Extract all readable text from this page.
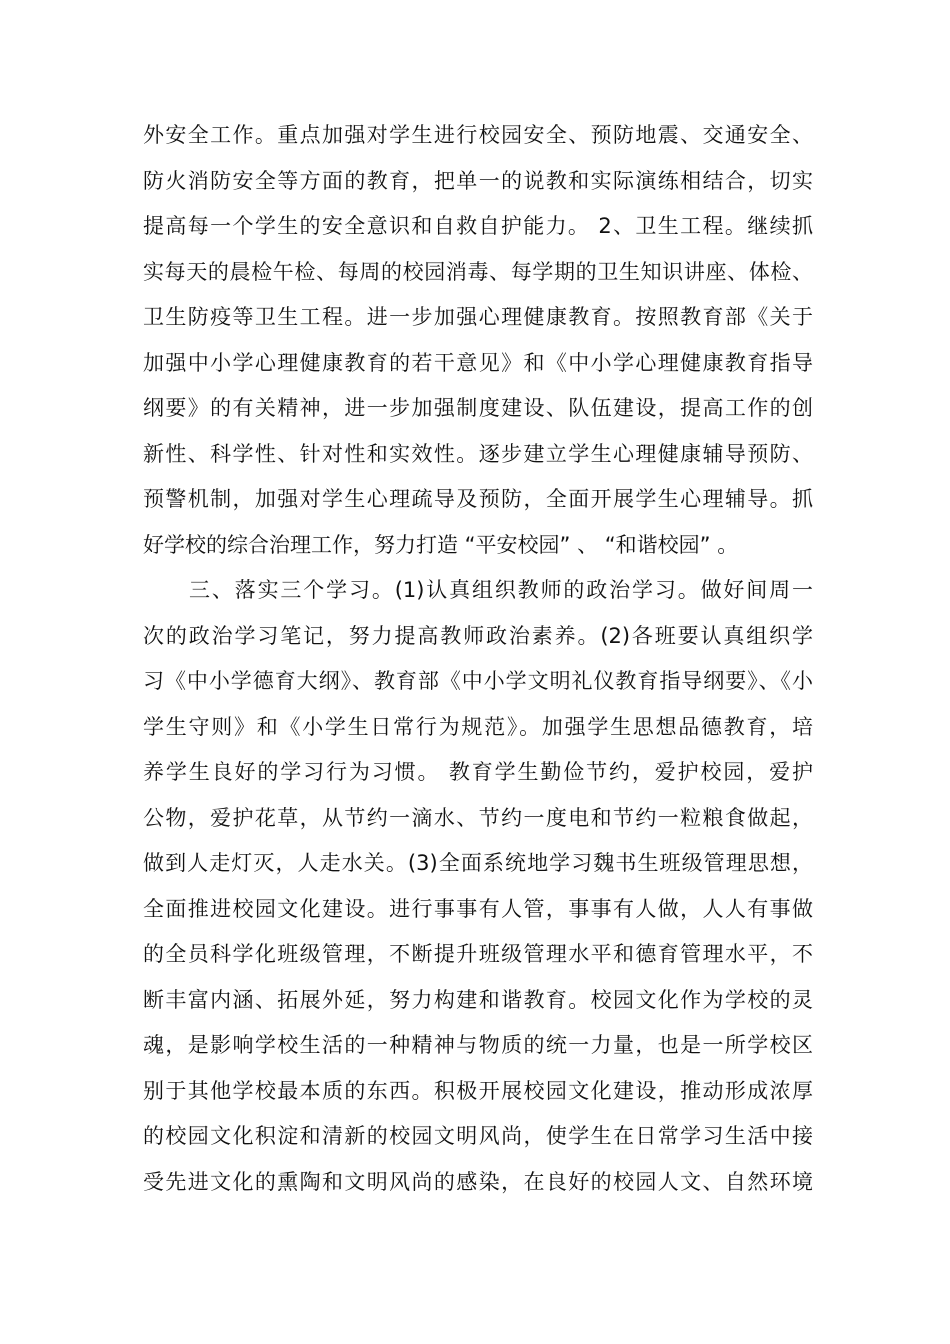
外安全工作。重点加强对学生进行校园安全、预防地震、交通安全、
防火消防安全等方面的教育，把单一的说教和实际演练相结合，切实
提高每一个学生的安全意识和自救自护能力。 2、卫生工程。继续抓
实每天的晨检午检、每周的校园消毒、每学期的卫生知识讲座、体检、
卫生防疫等卫生工程。进一步加强心理健康教育。按照教育部《关于
加强中小学心理健康教育的若干意见》和《中小学心理健康教育指导
纲要》的有关精神，进一步加强制度建设、队伍建设，提高工作的创
新性、科学性、针对性和实效性。逐步建立学生心理健康辅导预防、
预警机制，加强对学生心理疏导及预防，全面开展学生心理辅导。抓
好学校的综合治理工作，努力打造 “平安校园” 、 “和谐校园” 。
三、落实三个学习。(1)认真组织教师的政治学习。做好间周一
次的政治学习笔记，努力提高教师政治素养。(2)各班要认真组织学
习《中小学德育大纲》、教育部《中小学文明礼仪教育指导纲要》、《小
学生守则》和《小学生日常行为规范》。加强学生思想品德教育，培
养学生良好的学习行为习惯。 教育学生勤俭节约，爱护校园，爱护
公物，爱护花草，从节约一滴水、节约一度电和节约一粒粮食做起，
做到人走灯灭，人走水关。(3)全面系统地学习魏书生班级管理思想，
全面推进校园文化建设。进行事事有人管，事事有人做，人人有事做
的全员科学化班级管理，不断提升班级管理水平和德育管理水平，不
断丰富内涵、拓展外延，努力构建和谐教育。校园文化作为学校的灵
魂，是影响学校生活的一种精神与物质的统一力量，也是一所学校区
别于其他学校最本质的东西。积极开展校园文化建设，推动形成浓厚
的校园文化积淀和清新的校园文明风尚，使学生在日常学习生活中接
受先进文化的熏陶和文明风尚的感染，在良好的校园人文、自然环境
